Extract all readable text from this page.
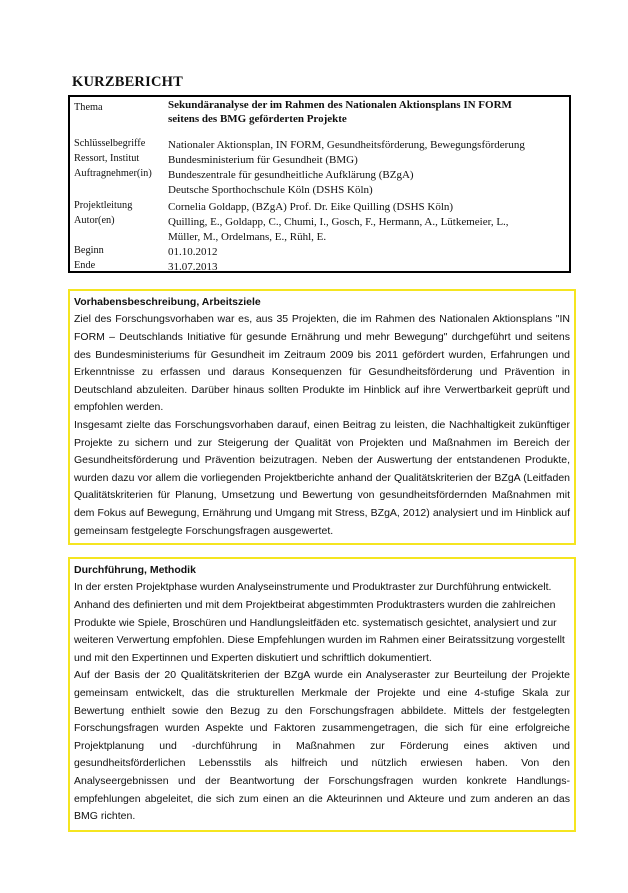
KURZBERICHT
Thema	Sekundäranalyse der im Rahmen des Nationalen Aktionsplans IN FORM
seitens des BMG geförderten Projekte
Schlüsselbegriffe	Nationaler Aktionsplan, IN FORM, Gesundheitsförderung, Bewegungsförderung
Ressort, Institut	Bundesministerium für Gesundheit (BMG)
Auftragnehmer(in)	Bundeszentrale für gesundheitliche Aufklärung (BZgA)
Deutsche Sporthochschule Köln (DSHS Köln)
Projektleitung	Cornelia Goldapp, (BZgA) Prof. Dr. Eike Quilling (DSHS Köln)
Autor(en)	Quilling, E., Goldapp, C., Chumi, I., Gosch, F., Hermann, A., Lütkemeier, L.,
Müller, M., Ordelmans, E., Rühl, E.
Beginn	01.10.2012
Ende	31.07.2013
Vorhabensbeschreibung, Arbeitsziele

Ziel des Forschungsvorhaben war es, aus 35 Projekten, die im Rahmen des Nationalen Aktionsplans "IN FORM – Deutschlands Initiative für gesunde Ernährung und mehr Bewegung" durchgeführt und seitens des Bundesministeriums für Gesundheit im Zeitraum 2009 bis 2011 gefördert wurden, Erfahrungen und Erkenntnisse zu erfassen und daraus Konsequenzen für Gesundheitsförderung und Prävention in Deutschland abzuleiten. Darüber hinaus sollten Produkte im Hinblick auf ihre Verwertbarkeit geprüft und empfohlen werden.

Insgesamt zielte das Forschungsvorhaben darauf, einen Beitrag zu leisten, die Nachhaltigkeit zukünftiger Projekte zu sichern und zur Steigerung der Qualität von Projekten und Maßnahmen im Bereich der Gesundheitsförderung und Prävention beizutragen. Neben der Auswertung der entstandenen Produkte, wurden dazu vor allem die vorliegenden Projektberichte anhand der Qualitätskriterien der BZgA (Leitfaden Qualitätskriterien für Planung, Umsetzung und Bewertung von gesundheitsfördernden Maßnahmen mit dem Fokus auf Bewegung, Ernährung und Umgang mit Stress, BZgA, 2012) analysiert und im Hinblick auf gemeinsam festgelegte Forschungsfragen ausgewertet.

Durchführung, Methodik

In der ersten Projektphase wurden Analyseinstrumente und Produktraster zur Durchführung entwickelt. Anhand des definierten und mit dem Projektbeirat abgestimmten Produktrasters wurden die zahlreichen Produkte wie Spiele, Broschüren und Handlungsleitfäden etc. systematisch gesichtet, analysiert und zur weiteren Verwertung empfohlen. Diese Empfehlungen wurden im Rahmen einer Beiratssitzung vorgestellt und mit den Expertinnen und Experten diskutiert und schriftlich dokumentiert.

Auf der Basis der 20 Qualitätskriterien der BZgA wurde ein Analyseraster zur Beurteilung der Projekte gemeinsam entwickelt, das die strukturellen Merkmale der Projekte und eine 4-stufige Skala zur Bewertung enthielt sowie den Bezug zu den Forschungsfragen abbildete. Mittels der festgelegten Forschungsfragen wurden Aspekte und Faktoren zusammengetragen, die sich für eine erfolgreiche Projektplanung und -durchführung in Maßnahmen zur Förderung eines aktiven und gesundheitsförderlichen Lebensstils als hilfreich und nützlich erwiesen haben. Von den Analyseergebnissen und der Beantwortung der Forschungsfragen wurden konkrete Handlungs-empfehlungen abgeleitet, die sich zum einen an die Akteurinnen und Akteure und zum anderen an das BMG richten.
